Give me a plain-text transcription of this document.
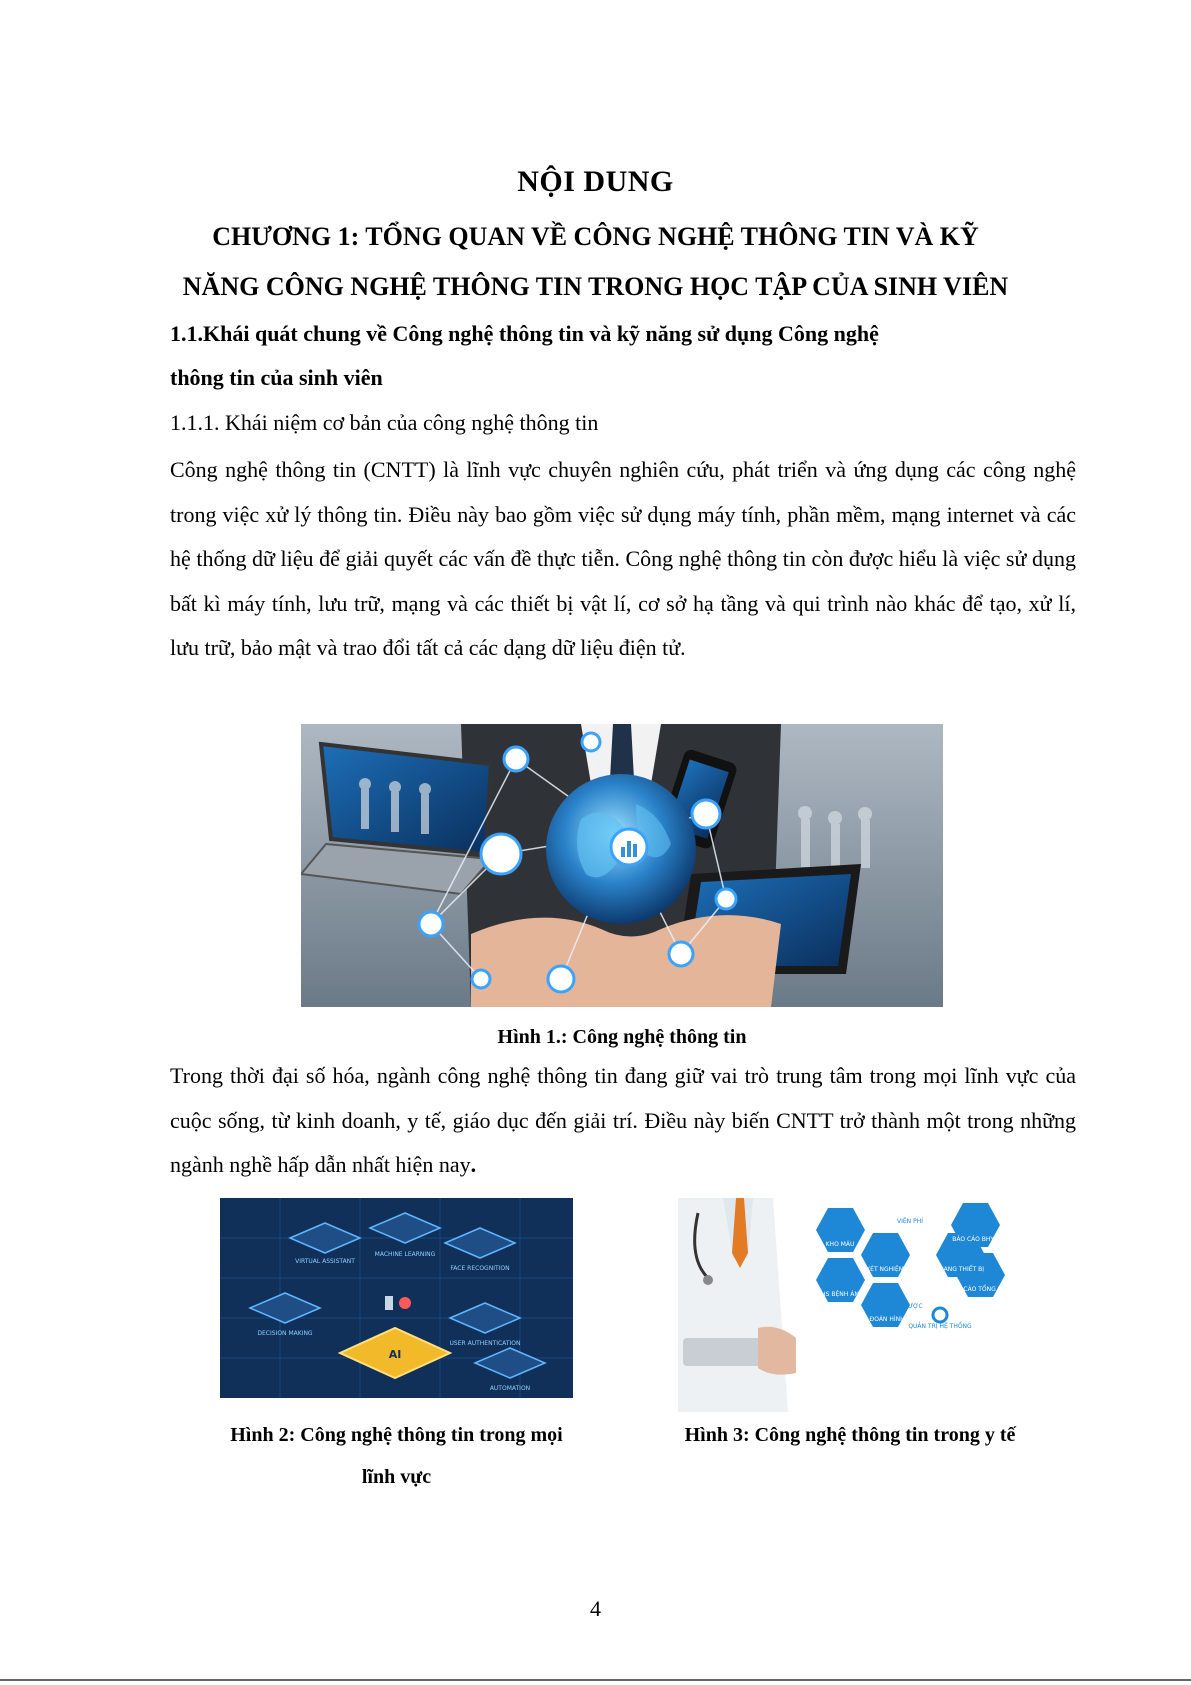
NỘI DUNG
CHƯƠNG 1: TỔNG QUAN VỀ CÔNG NGHỆ THÔNG TIN VÀ KỸ
NĂNG CÔNG NGHỆ THÔNG TIN TRONG HỌC TẬP CỦA SINH VIÊN
1.1.Khái quát chung về Công nghệ thông tin và kỹ năng sử dụng Công nghệ
thông tin của sinh viên
1.1.1. Khái niệm cơ bản của công nghệ thông tin
Công nghệ thông tin (CNTT) là lĩnh vực chuyên nghiên cứu, phát triển và ứng dụng các công nghệ trong việc xử lý thông tin. Điều này bao gồm việc sử dụng máy tính, phần mềm, mạng internet và các hệ thống dữ liệu để giải quyết các vấn đề thực tiễn. Công nghệ thông tin còn được hiểu là việc sử dụng bất kì máy tính, lưu trữ, mạng và các thiết bị vật lí, cơ sở hạ tầng và qui trình nào khác để tạo, xử lí, lưu trữ, bảo mật và trao đổi tất cả các dạng dữ liệu điện tử.
Hình 1.: Công nghệ thông tin
Trong thời đại số hóa, ngành công nghệ thông tin đang giữ vai trò trung tâm trong mọi lĩnh vực của cuộc sống, từ kinh doanh, y tế, giáo dục đến giải trí. Điều này biến CNTT trở thành một trong những ngành nghề hấp dẫn nhất hiện nay.
AI
VIRTUAL ASSISTANT
MACHINE LEARNING
FACE RECOGNITION
DECISION MAKING
USER AUTHENTICATION
AUTOMATION
Hình 2: Công nghệ thông tin trong mọi
lĩnh vực
KHO MÁU
XÉT NGHIỆM
HS BỆNH ÁN
TRANG THIẾT BỊ
BÁO CÁO BHYT
BÁO CÁO TỔNG HỢP
CHẨN ĐOÁN HÌNH ẢNH
VIỆN PHÍ
DƯỢC
QUẢN TRỊ HỆ THỐNG
Hình 3: Công nghệ thông tin trong y tế
4
